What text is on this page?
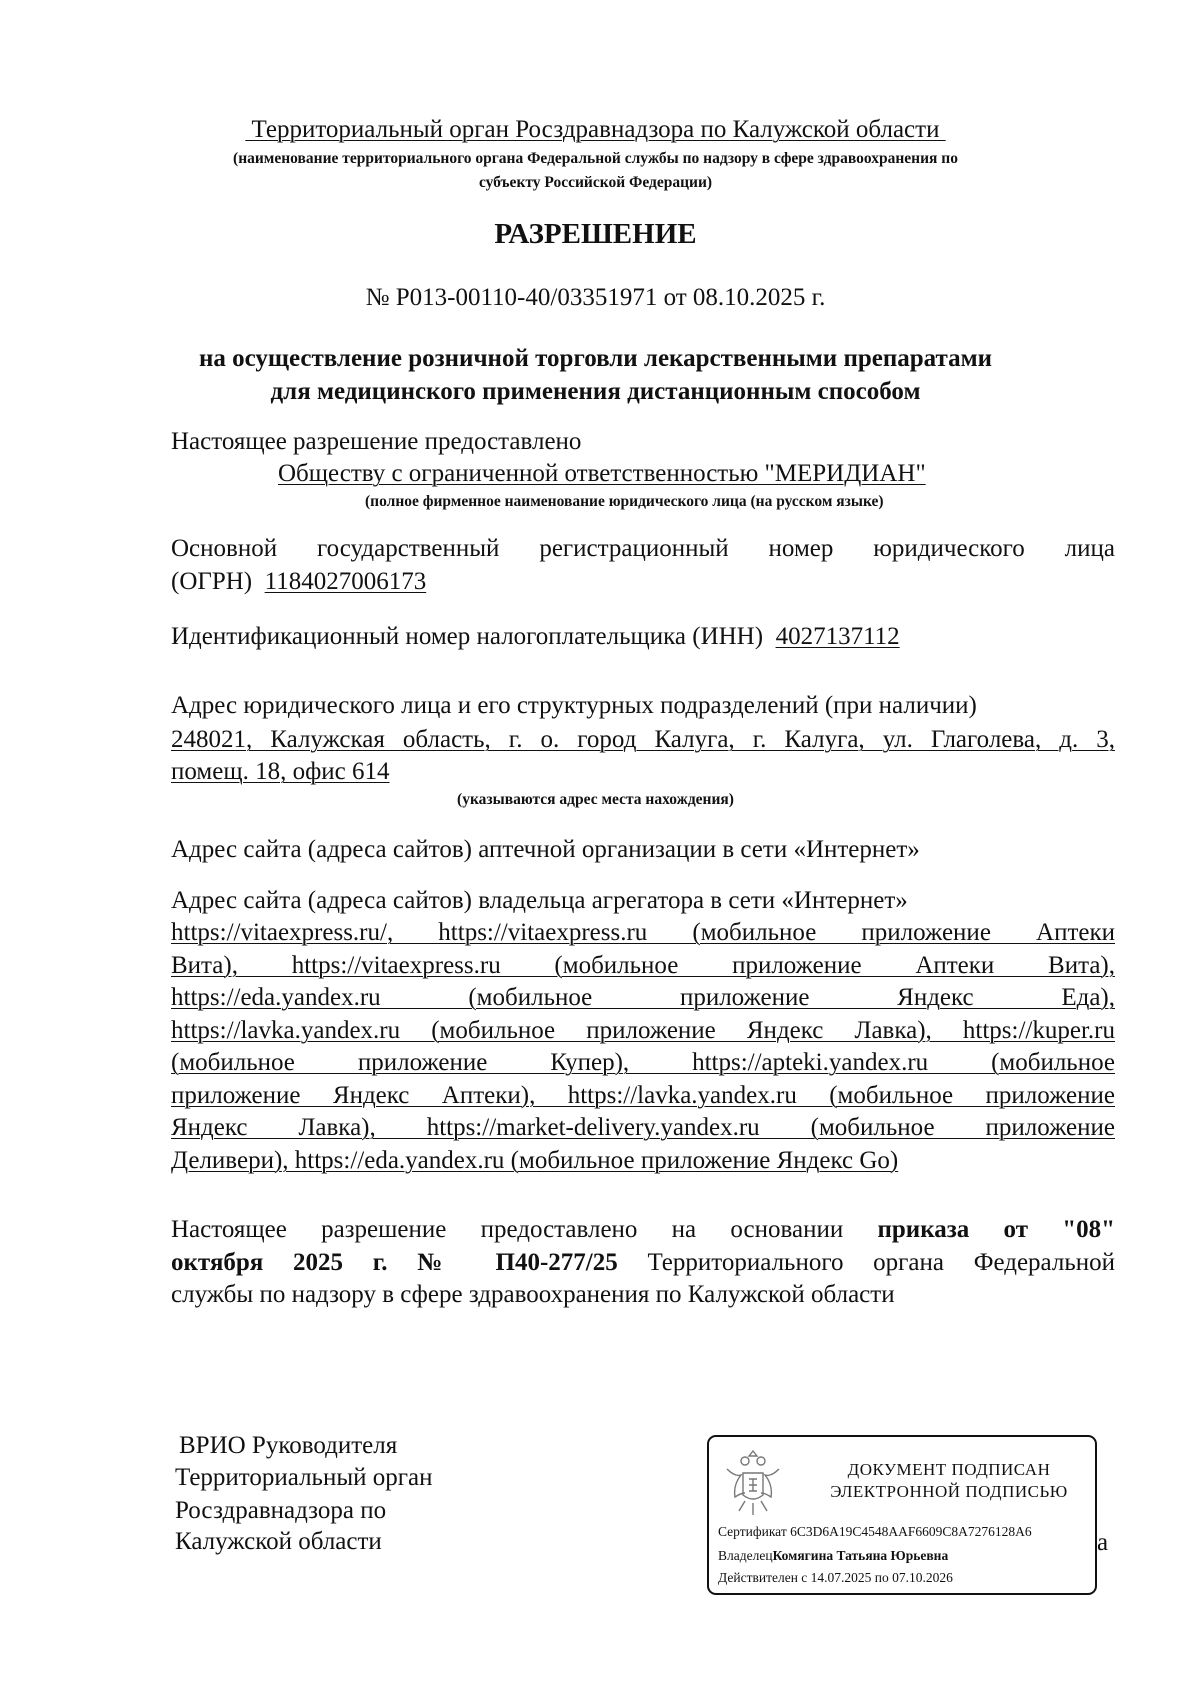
Территориальный орган Росздравнадзора по Калужской области
(наименование территориального органа Федеральной службы по надзору в сфере здравоохранения по
субъекту Российской Федерации)
РАЗРЕШЕНИЕ
№ Р013-00110-40/03351971 от 08.10.2025 г.
на осуществление розничной торговли лекарственными препаратами
для медицинского применения дистанционным способом
Настоящее разрешение предоставлено
Обществу с ограниченной ответственностью "МЕРИДИАН"
(полное фирменное наименование юридического лица (на русском языке)
Основной государственный регистрационный номер юридического лица
(ОГРН) 1184027006173
Идентификационный номер налогоплательщика (ИНН) 4027137112
Адрес юридического лица и его структурных подразделений (при наличии)
248021, Калужская область, г. о. город Калуга, г. Калуга, ул. Глаголева, д. 3,
помещ. 18, офис 614
(указываются адрес места нахождения)
Адрес сайта (адреса сайтов) аптечной организации в сети «Интернет»
Адрес сайта (адреса сайтов) владельца агрегатора в сети «Интернет»
https://vitaexpress.ru/, https://vitaexpress.ru (мобильное приложение Аптеки
Вита), https://vitaexpress.ru (мобильное приложение Аптеки Вита),
https://eda.yandex.ru (мобильное приложение Яндекс Еда),
https://lavka.yandex.ru (мобильное приложение Яндекс Лавка), https://kuper.ru
(мобильное приложение Купер), https://apteki.yandex.ru (мобильное
приложение Яндекс Аптеки), https://lavka.yandex.ru (мобильное приложение
Яндекс Лавка), https://market-delivery.yandex.ru (мобильное приложение
Деливери), https://eda.yandex.ru (мобильное приложение Яндекс Go)
Настоящее разрешение предоставлено на основании приказа от "08"
октября 2025 г. № П40-277/25 Территориального органа Федеральной
службы по надзору в сфере здравоохранения по Калужской области
ВРИО Руководителя
Территориальный орган
Росздравнадзора по
Калужской области	а
ДОКУМЕНТ ПОДПИСАН
ЭЛЕКТРОННОЙ ПОДПИСЬЮ
Сертификат 6C3D6A19C4548AAF6609C8A7276128A6
ВладелецКомягина Татьяна Юрьевна
Действителен с 14.07.2025 по 07.10.2026
